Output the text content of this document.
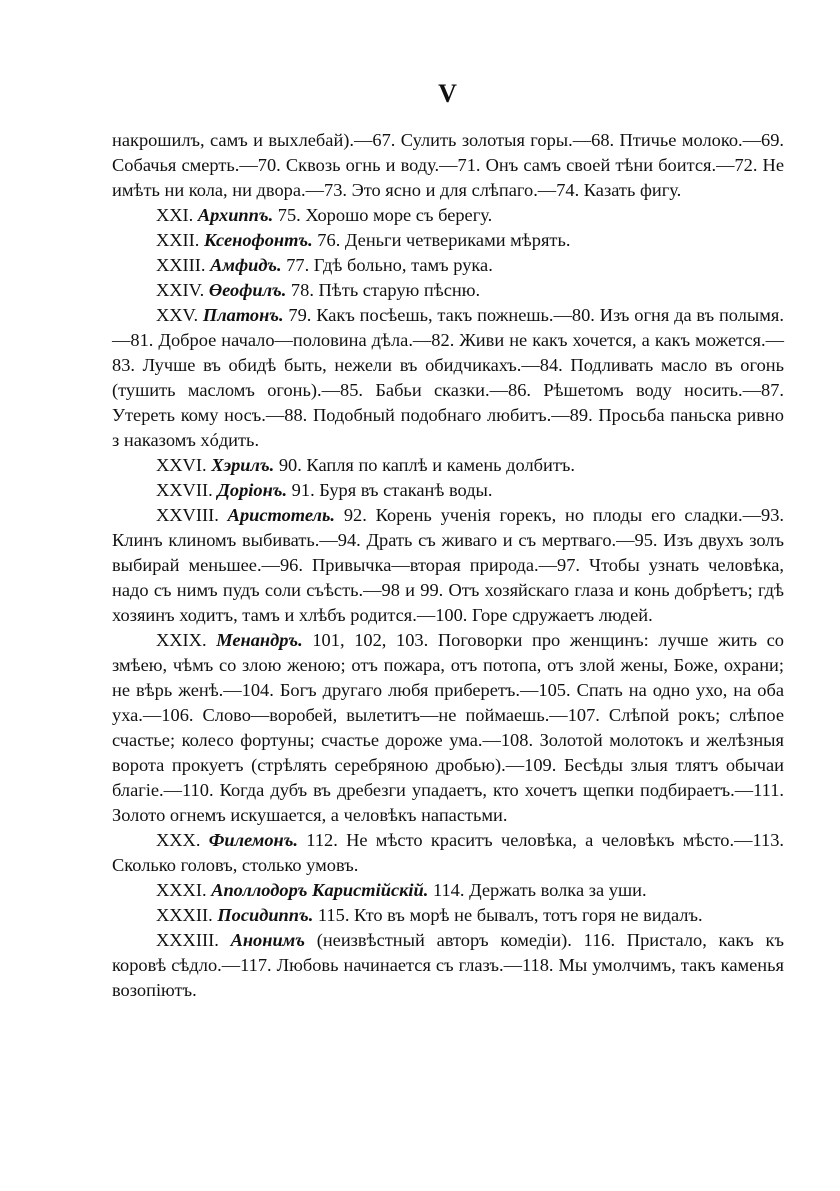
V

накрошилъ, самъ и выхлебай).—67. Сулить золотыя горы.—68. Птичье молоко.—69. Собачья смерть.—70. Сквозь огнь и воду.—71. Онъ самъ своей тѣни боится.—72. Не имѣть ни кола, ни двора.—73. Это ясно и для слѣпаго.—74. Казать фигу.

XXI. Архиппъ. 75. Хорошо море съ берегу.

XXII. Ксенофонтъ. 76. Деньги четвериками мѣрять.

XXIII. Амфидъ. 77. Гдѣ больно, тамъ рука.

XXIV. Өеофилъ. 78. Пѣть старую пѣсню.

XXV. Платонъ. 79. Какъ посѣешь, такъ пожнешь.—80. Изъ огня да въ полымя.—81. Доброе начало—половина дѣла.—82. Живи не какъ хочется, а какъ можется.—83. Лучше въ обидѣ быть, нежели въ обидчикахъ.—84. Подливать масло въ огонь (тушить масломъ огонь).—85. Бабьи сказки.—86. Рѣшетомъ воду носить.—87. Утереть кому носъ.—88. Подобный подобнаго любитъ.—89. Просьба паньска ривно з наказомъ хóдить.

XXVI. Хэрилъ. 90. Капля по каплѣ и камень долбитъ.

XXVII. Доріонъ. 91. Буря въ стаканѣ воды.

XXVIII. Аристотель. 92. Корень ученія горекъ, но плоды его сладки.—93. Клинъ клиномъ выбивать.—94. Драть съ живаго и съ мертваго.—95. Изъ двухъ золъ выбирай меньшее.—96. Привычка—вторая природа.—97. Чтобы узнать человѣка, надо съ нимъ пудъ соли съѣсть.—98 и 99. Отъ хозяйскаго глаза и конь добрѣетъ; гдѣ хозяинъ ходитъ, тамъ и хлѣбъ родится.—100. Горе сдружаетъ людей.

XXIX. Менандръ. 101, 102, 103. Поговорки про женщинъ: лучше жить со змѣею, чѣмъ со злою женою; отъ пожара, отъ потопа, отъ злой жены, Боже, охрани; не вѣрь женѣ.—104. Богъ другаго любя приберетъ.—105. Спать на одно ухо, на оба уха.—106. Слово—воробей, вылетитъ—не поймаешь.—107. Слѣпой рокъ; слѣпое счастье; колесо фортуны; счастье дороже ума.—108. Золотой молотокъ и желѣзныя ворота прокуетъ (стрѣлять серебряною дробью).—109. Бесѣды злыя тлятъ обычаи благіе.—110. Когда дубъ въ дребезги упадаетъ, кто хочетъ щепки подбираетъ.—111. Золото огнемъ искушается, а человѣкъ напастьми.

XXX. Филемонъ. 112. Не мѣсто краситъ человѣка, а человѣкъ мѣсто.—113. Сколько головъ, столько умовъ.

XXXI. Аполлодоръ Каристійскій. 114. Держать волка за уши.

XXXII. Посидиппъ. 115. Кто въ морѣ не бывалъ, тотъ горя не видалъ.

XXXIII. Анонимъ (неизвѣстный авторъ комедіи). 116. Пристало, какъ къ коровѣ сѣдло.—117. Любовь начинается съ глазъ.—118. Мы умолчимъ, такъ каменья возопіютъ.
